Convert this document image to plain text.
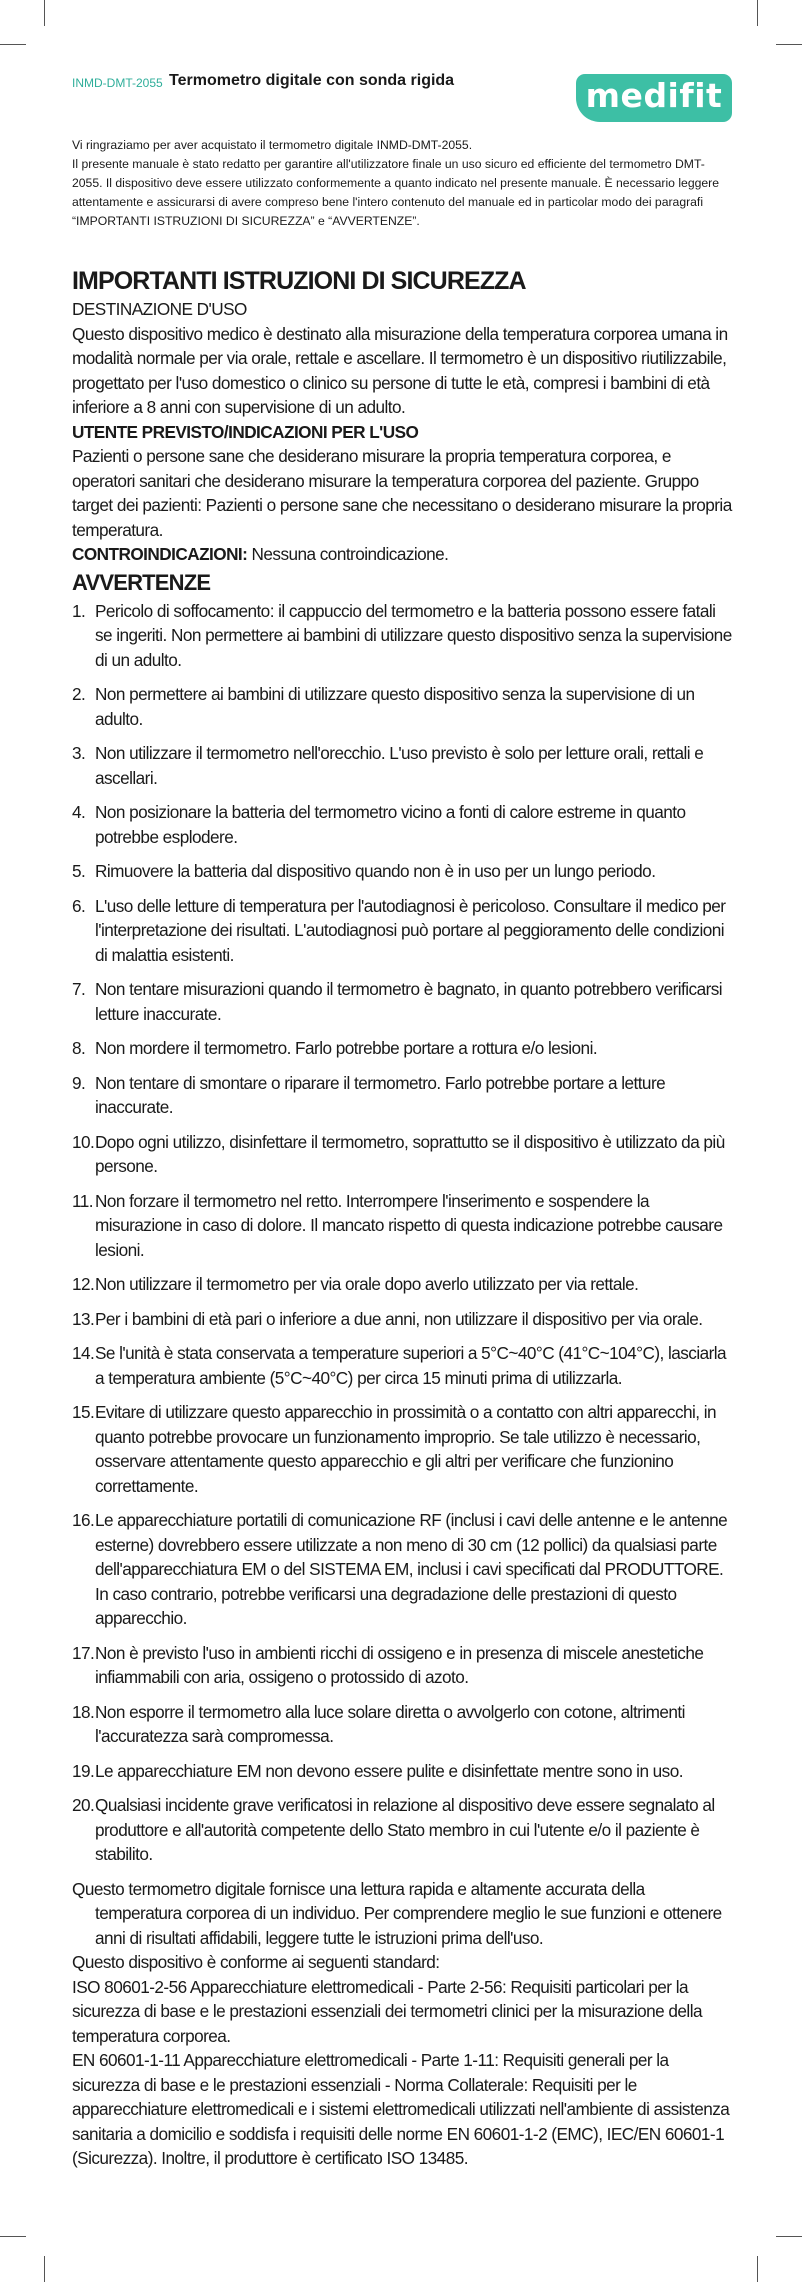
INMD-DMT-2055 Termometro digitale con sonda rigida	medifit

Vi ringraziamo per aver acquistato il termometro digitale INMD-DMT-2055.

Il presente manuale è stato redatto per garantire all'utilizzatore finale un uso sicuro ed efficiente del termometro DMT-2055. Il dispositivo deve essere utilizzato conformemente a quanto indicato nel presente manuale. È necessario leggere attentamente e assicurarsi di avere compreso bene l'intero contenuto del manuale ed in particolar modo dei paragrafi “IMPORTANTI ISTRUZIONI DI SICUREZZA” e “AVVERTENZE”.

IMPORTANTI ISTRUZIONI DI SICUREZZA

DESTINAZIONE D'USO

Questo dispositivo medico è destinato alla misurazione della temperatura corporea umana in modalità normale per via orale, rettale e ascellare. Il termometro è un dispositivo riutilizzabile, progettato per l'uso domestico o clinico su persone di tutte le età, compresi i bambini di età inferiore a 8 anni con supervisione di un adulto.

UTENTE PREVISTO/INDICAZIONI PER L'USO

Pazienti o persone sane che desiderano misurare la propria temperatura corporea, e operatori sanitari che desiderano misurare la temperatura corporea del paziente. Gruppo target dei pazienti: Pazienti o persone sane che necessitano o desiderano misurare la propria temperatura.

CONTROINDICAZIONI: Nessuna controindicazione.

AVVERTENZE
1. Pericolo di soffocamento: il cappuccio del termometro e la batteria possono essere fatali se ingeriti. Non permettere ai bambini di utilizzare questo dispositivo senza la supervisione di un adulto.
2. Non permettere ai bambini di utilizzare questo dispositivo senza la supervisione di un adulto.
3. Non utilizzare il termometro nell'orecchio. L'uso previsto è solo per letture orali, rettali e ascellari.
4. Non posizionare la batteria del termometro vicino a fonti di calore estreme in quanto potrebbe esplodere.
5. Rimuovere la batteria dal dispositivo quando non è in uso per un lungo periodo.
6. L'uso delle letture di temperatura per l'autodiagnosi è pericoloso. Consultare il medico per l'interpretazione dei risultati. L'autodiagnosi può portare al peggioramento delle condizioni di malattia esistenti.
7. Non tentare misurazioni quando il termometro è bagnato, in quanto potrebbero verificarsi letture inaccurate.
8. Non mordere il termometro. Farlo potrebbe portare a rottura e/o lesioni.
9. Non tentare di smontare o riparare il termometro. Farlo potrebbe portare a letture inaccurate.
10. Dopo ogni utilizzo, disinfettare il termometro, soprattutto se il dispositivo è utilizzato da più persone.
11. Non forzare il termometro nel retto. Interrompere l'inserimento e sospendere la misurazione in caso di dolore. Il mancato rispetto di questa indicazione potrebbe causare lesioni.
12. Non utilizzare il termometro per via orale dopo averlo utilizzato per via rettale.
13. Per i bambini di età pari o inferiore a due anni, non utilizzare il dispositivo per via orale.
14. Se l'unità è stata conservata a temperature superiori a 5°C~40°C (41°C~104°C), lasciarla a temperatura ambiente (5°C~40°C) per circa 15 minuti prima di utilizzarla.
15. Evitare di utilizzare questo apparecchio in prossimità o a contatto con altri apparecchi, in quanto potrebbe provocare un funzionamento improprio. Se tale utilizzo è necessario, osservare attentamente questo apparecchio e gli altri per verificare che funzionino correttamente.
16. Le apparecchiature portatili di comunicazione RF (inclusi i cavi delle antenne e le antenne esterne) dovrebbero essere utilizzate a non meno di 30 cm (12 pollici) da qualsiasi parte dell'apparecchiatura EM o del SISTEMA EM, inclusi i cavi specificati dal PRODUTTORE. In caso contrario, potrebbe verificarsi una degradazione delle prestazioni di questo apparecchio.
17. Non è previsto l'uso in ambienti ricchi di ossigeno e in presenza di miscele anestetiche infiammabili con aria, ossigeno o protossido di azoto.
18. Non esporre il termometro alla luce solare diretta o avvolgerlo con cotone, altrimenti l'accuratezza sarà compromessa.
19. Le apparecchiature EM non devono essere pulite e disinfettate mentre sono in uso.
20. Qualsiasi incidente grave verificatosi in relazione al dispositivo deve essere segnalato al produttore e all'autorità competente dello Stato membro in cui l'utente e/o il paziente è stabilito.

Questo termometro digitale fornisce una lettura rapida e altamente accurata della temperatura corporea di un individuo. Per comprendere meglio le sue funzioni e ottenere anni di risultati affidabili, leggere tutte le istruzioni prima dell'uso.

Questo dispositivo è conforme ai seguenti standard:

ISO 80601-2-56 Apparecchiature elettromedicali - Parte 2-56: Requisiti particolari per la sicurezza di base e le prestazioni essenziali dei termometri clinici per la misurazione della temperatura corporea.

EN 60601-1-11 Apparecchiature elettromedicali - Parte 1-11: Requisiti generali per la sicurezza di base e le prestazioni essenziali - Norma Collaterale: Requisiti per le apparecchiature elettromedicali e i sistemi elettromedicali utilizzati nell'ambiente di assistenza sanitaria a domicilio e soddisfa i requisiti delle norme EN 60601-1-2 (EMC), IEC/EN 60601-1 (Sicurezza). Inoltre, il produttore è certificato ISO 13485.
